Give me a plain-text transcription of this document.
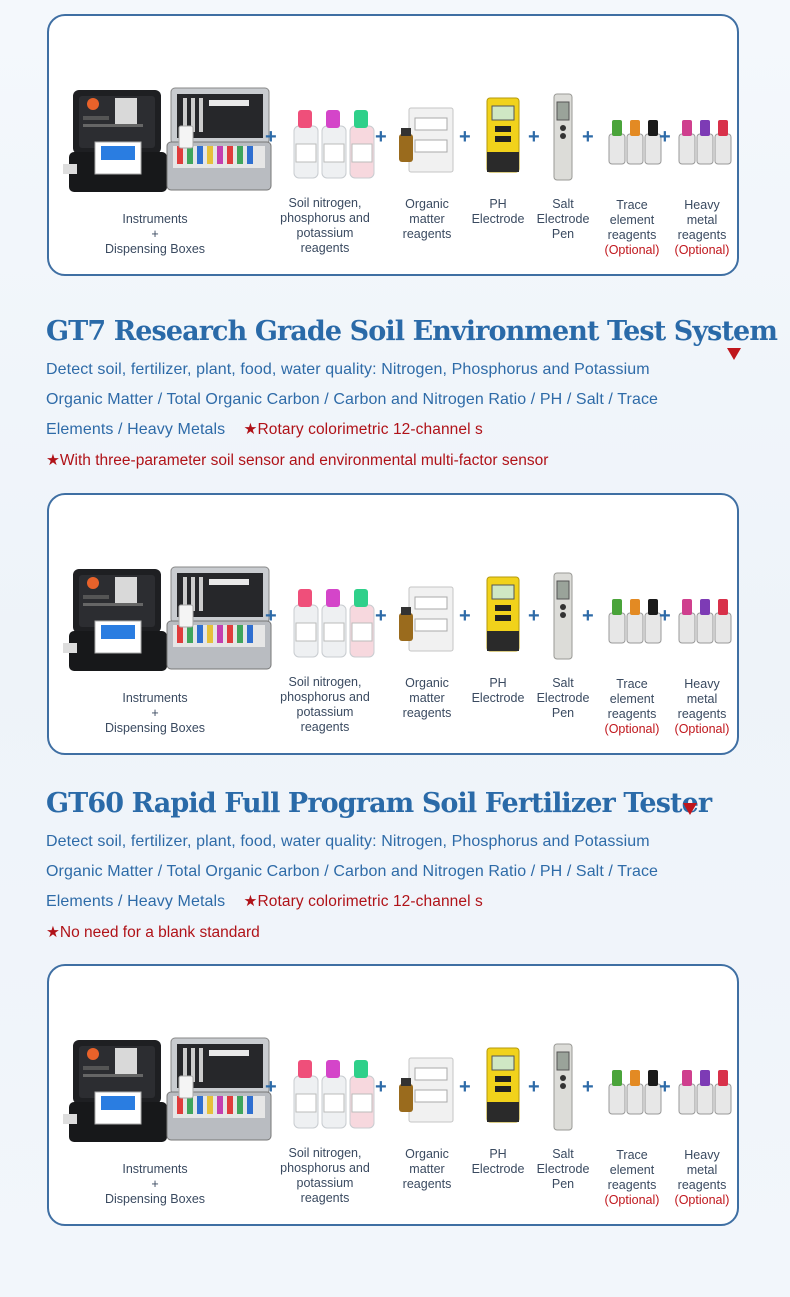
GT7 Research Grade Soil Environment Test System
Detect soil, fertilizer, plant, food, water quality: Nitrogen, Phosphorus and Potassium
Organic Matter / Total Organic Carbon / Carbon and Nitrogen Ratio / PH / Salt / Trace
Elements / Heavy Metals ★Rotary colorimetric 12-channel s
★With three-parameter soil sensor and environmental multi-factor sensor
GT60 Rapid Full Program Soil Fertilizer Tester
Detect soil, fertilizer, plant, food, water quality: Nitrogen, Phosphorus and Potassium
Organic Matter / Total Organic Carbon / Carbon and Nitrogen Ratio / PH / Salt / Trace
Elements / Heavy Metals ★Rotary colorimetric 12-channel s
★No need for a blank standard
Instruments
+
Dispensing Boxes
+
Soil nitrogen,
phosphorus and
potassium
reagents
+
Organic
matter
reagents
+
PH
Electrode
+
Salt
Electrode
Pen
+
Trace
element
reagents
(Optional)
+
Heavy
metal
reagents
(Optional)
Instruments
+
Dispensing Boxes
+
Soil nitrogen,
phosphorus and
potassium
reagents
+
Organic
matter
reagents
+
PH
Electrode
+
Salt
Electrode
Pen
+
Trace
element
reagents
(Optional)
+
Heavy
metal
reagents
(Optional)
Instruments
+
Dispensing Boxes
+
Soil nitrogen,
phosphorus and
potassium
reagents
+
Organic
matter
reagents
+
PH
Electrode
+
Salt
Electrode
Pen
+
Trace
element
reagents
(Optional)
+
Heavy
metal
reagents
(Optional)
